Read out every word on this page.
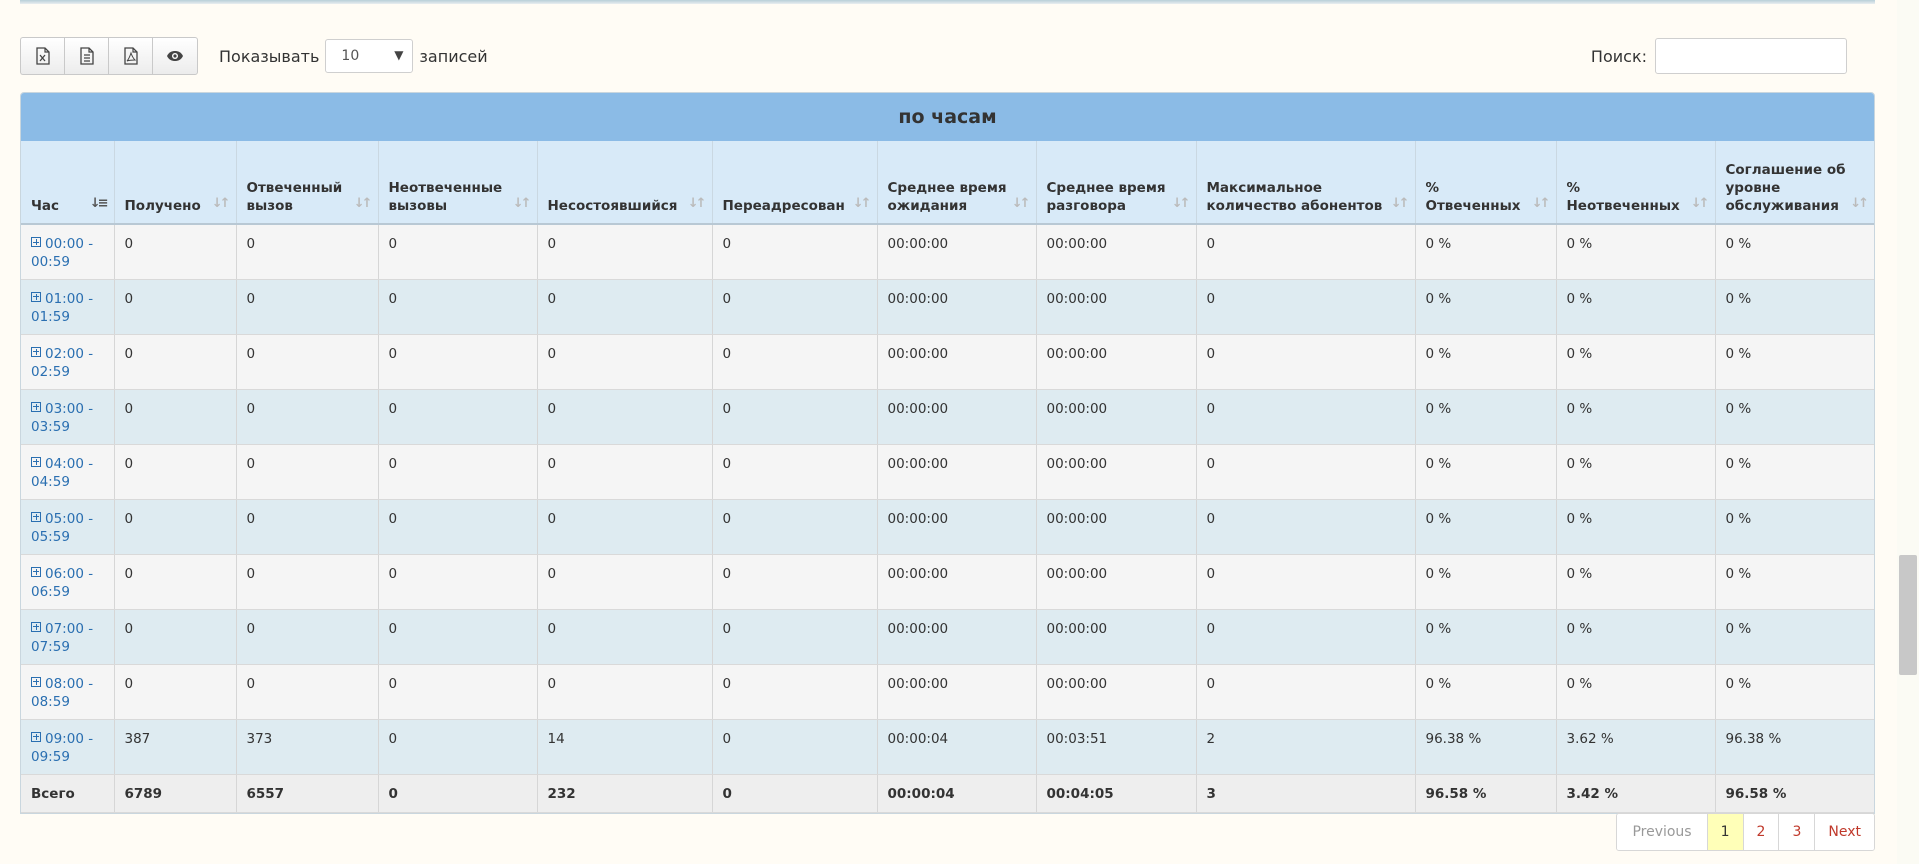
Показывать 10	▼ записей	Поиск:
по часам
Час ↓≡	Получено ↓↑	Отвеченный вызов ↓↑	Неотвеченные вызовы ↓↑	Несостоявшийся ↓↑	Переадресован ↓↑	Среднее время ожидания ↓↑	Среднее время разговора ↓↑	Максимальное количество абонентов ↓↑	% Отвеченных ↓↑	% Неотвеченных ↓↑	Соглашение об уровне обслуживания ↓↑

00:00 - 00:59	0	0	0	0	0	00:00:00	00:00:00	0	0 %	0 %	0 %
01:00 - 01:59	0	0	0	0	0	00:00:00	00:00:00	0	0 %	0 %	0 %
02:00 - 02:59	0	0	0	0	0	00:00:00	00:00:00	0	0 %	0 %	0 %
03:00 - 03:59	0	0	0	0	0	00:00:00	00:00:00	0	0 %	0 %	0 %
04:00 - 04:59	0	0	0	0	0	00:00:00	00:00:00	0	0 %	0 %	0 %
05:00 - 05:59	0	0	0	0	0	00:00:00	00:00:00	0	0 %	0 %	0 %
06:00 - 06:59	0	0	0	0	0	00:00:00	00:00:00	0	0 %	0 %	0 %
07:00 - 07:59	0	0	0	0	0	00:00:00	00:00:00	0	0 %	0 %	0 %
08:00 - 08:59	0	0	0	0	0	00:00:00	00:00:00	0	0 %	0 %	0 %
09:00 - 09:59	387	373	0	14	0	00:00:04	00:03:51	2	96.38 %	3.62 %	96.38 %
Всего	6789	6557	0	232	0	00:00:04	00:04:05	3	96.58 %	3.42 %	96.58 %
Previous	1	2	3	Next
